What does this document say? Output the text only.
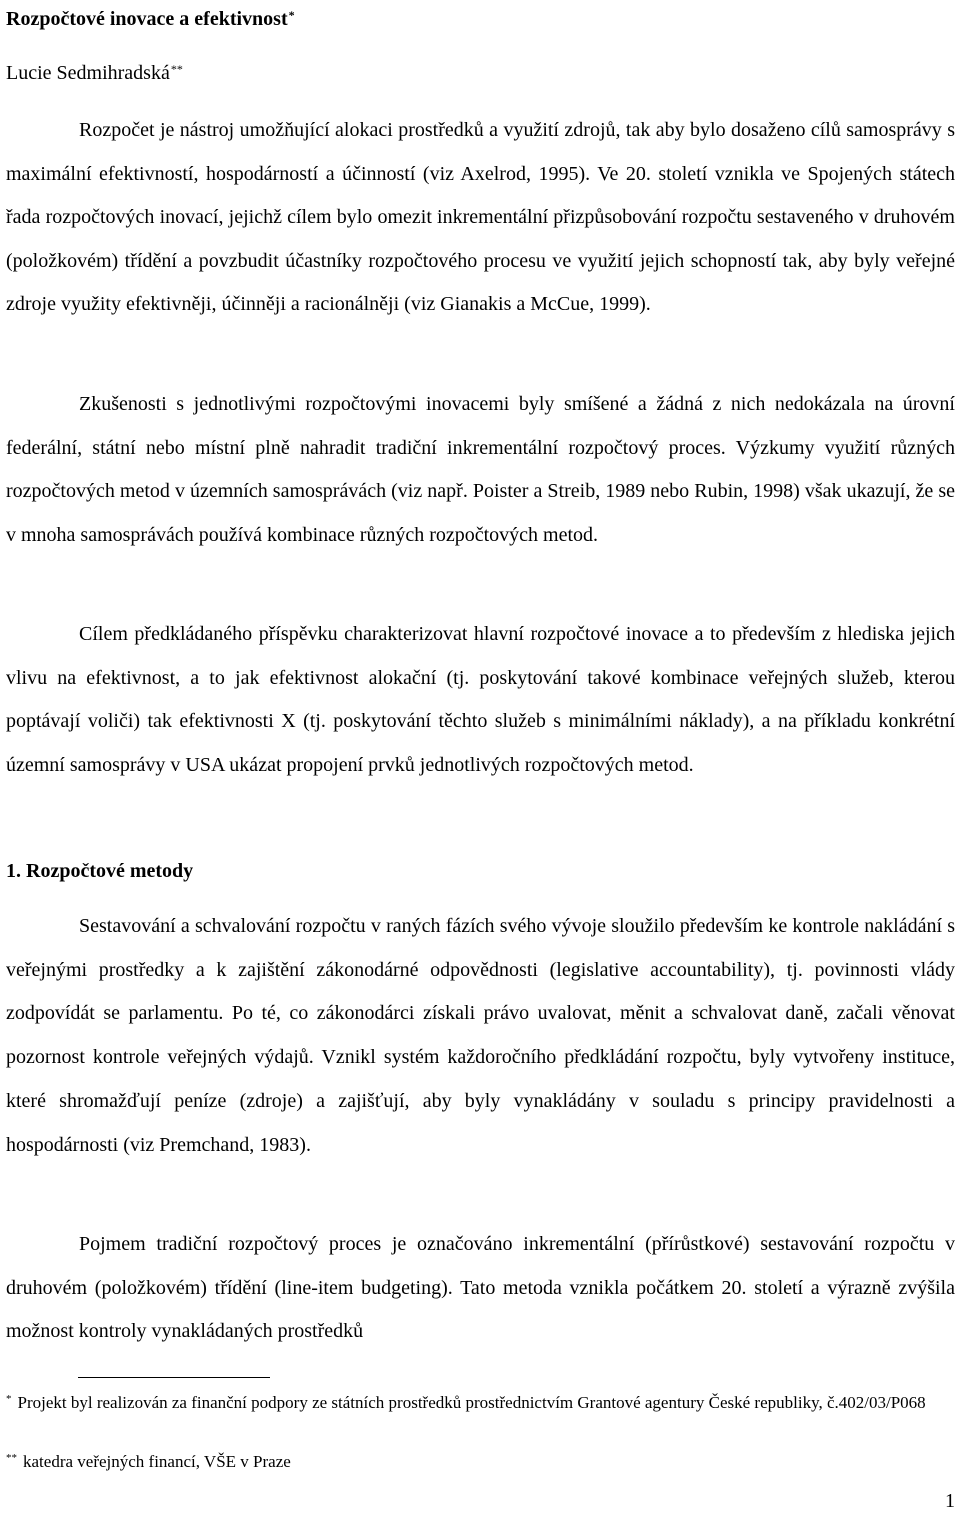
Rozpočtové inovace a efektivnost*
Lucie Sedmihradská**

Rozpočet je nástroj umožňující alokaci prostředků a využití zdrojů, tak aby bylo dosaženo cílů samosprávy s maximální efektivností, hospodárností a účinností (viz Axelrod, 1995). Ve 20. století vznikla ve Spojených státech řada rozpočtových inovací, jejichž cílem bylo omezit inkrementální přizpůsobování rozpočtu sestaveného v druhovém (položkovém) třídění a povzbudit účastníky rozpočtového procesu ve využití jejich schopností tak, aby byly veřejné zdroje využity efektivněji, účinněji a racionálněji (viz Gianakis a McCue, 1999).

Zkušenosti s jednotlivými rozpočtovými inovacemi byly smíšené a žádná z nich nedokázala na úrovní federální, státní nebo místní plně nahradit tradiční inkrementální rozpočtový proces. Výzkumy využití různých rozpočtových metod v územních samosprávách (viz např. Poister a Streib, 1989 nebo Rubin, 1998) však ukazují, že se v mnoha samosprávách používá kombinace různých rozpočtových metod.

Cílem předkládaného příspěvku charakterizovat hlavní rozpočtové inovace a to především z hlediska jejich vlivu na efektivnost, a to jak efektivnost alokační (tj. poskytování takové kombinace veřejných služeb, kterou poptávají voliči) tak efektivnosti X (tj. poskytování těchto služeb s minimálními náklady), a na příkladu konkrétní územní samosprávy v USA ukázat propojení prvků jednotlivých rozpočtových metod.

1. Rozpočtové metody

Sestavování a schvalování rozpočtu v raných fázích svého vývoje sloužilo především ke kontrole nakládání s veřejnými prostředky a k zajištění zákonodárné odpovědnosti (legislative accountability), tj. povinnosti vlády zodpovídát se parlamentu. Po té, co zákonodárci získali právo uvalovat, měnit a schvalovat daně, začali věnovat pozornost kontrole veřejných výdajů. Vznikl systém každoročního předkládání rozpočtu, byly vytvořeny instituce, které shromažďují peníze (zdroje) a zajišťují, aby byly vynakládány v souladu s principy pravidelnosti a hospodárnosti (viz Premchand, 1983).

Pojmem tradiční rozpočtový proces je označováno inkrementální (přírůstkové) sestavování rozpočtu v druhovém (položkovém) třídění (line-item budgeting). Tato metoda vznikla počátkem 20. století a výrazně zvýšila možnost kontroly vynakládaných prostředků

* Projekt byl realizován za finanční podpory ze státních prostředků prostřednictvím Grantové agentury České republiky, č.402/03/P068

** katedra veřejných financí, VŠE v Praze

1
